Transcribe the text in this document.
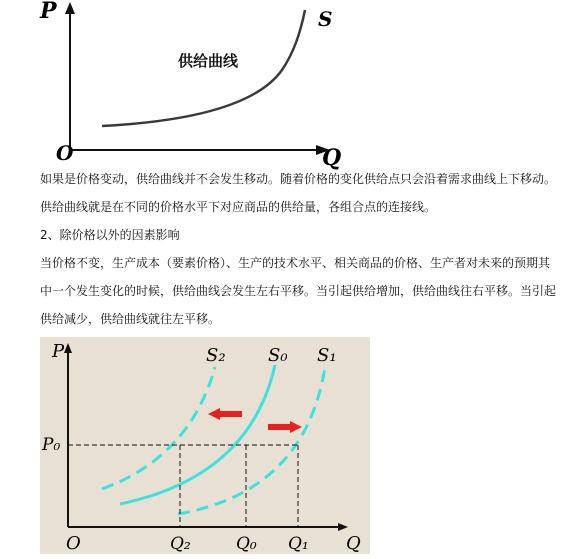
P
Q
O
S
供给曲线

如果是价格变动，供给曲线并不会发生移动。随着价格的变化供给点只会沿着需求曲线上下移动。供给曲线就是在不同的价格水平下对应商品的供给量，各组合点的连接线。

2、除价格以外的因素影响

当价格不变，生产成本（要素价格）、生产的技术水平、相关商品的价格、生产者对未来的预期其中一个发生变化的时候，供给曲线会发生左右平移。当引起供给增加，供给曲线往右平移。当引起供给减少，供给曲线就往左平移。

P
Q
O
P₀
S₂ S₀ S₁
Q₂	Q₀ Q₁
